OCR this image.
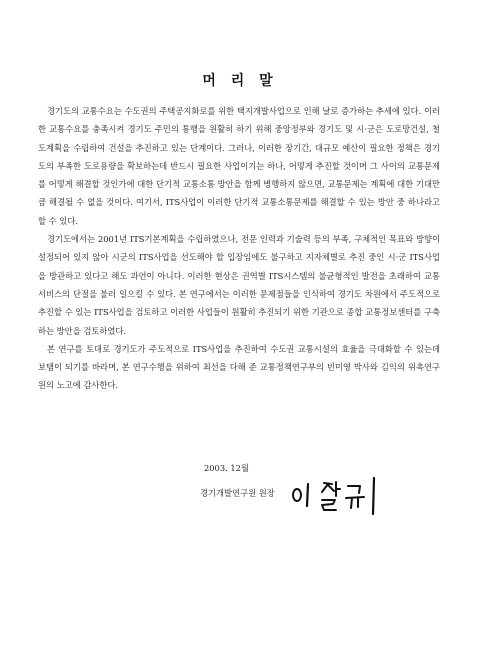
머 리 말

경기도의 교통수요는 수도권의 주택공지화로를 위한 택지개발사업으로 인해 날로 증가하는 추세에 있다. 이러한 교통수요를 충족시켜 경기도 주민의 통행을 원활히 하기 위해 중앙정부와 경기도 및 시·군은 도로망건설, 철도계획을 수립하여 건설을 추진하고 있는 단계이다. 그러나, 이러한 장기간, 대규모 예산이 필요한 정책은 경기도의 부족한 도로용량을 확보하는데 반드시 필요한 사업이기는 하나, 어떻게 추진할 것이며 그 사이의 교통문제를 어떻게 해결할 것인가에 대한 단기적 교통소통 방안을 함께 병행하지 않으면, 교통문제는 계획에 대한 기대만큼 해결될 수 없을 것이다. 여기서, ITS사업이 이러한 단기적 교통소통문제를 해결할 수 있는 방안 중 하나라고 할 수 있다.

경기도에서는 2001년 ITS기본계획을 수립하였으나, 전문 인력과 기술력 등의 부족, 구체적인 목표와 방향이 설정되어 있지 않아 시군의 ITS사업을 선도해야 할 입장임에도 불구하고 지자체별로 추진 중인 시·군 ITS사업을 방관하고 있다고 해도 과언이 아니다. 이러한 현상은 권역별 ITS시스템의 불균형적인 발전을 초래하여 교통서비스의 단절을 불러 일으킬 수 있다. 본 연구에서는 이러한 문제점들을 인식하여 경기도 차원에서 주도적으로 추진할 수 있는 ITS사업을 검토하고 이러한 사업들이 원활히 추진되기 위한 기관으로 종합 교통정보센터를 구축하는 방안을 검토하였다.

본 연구를 토대로 경기도가 주도적으로 ITS사업을 추진하여 수도권 교통시설의 효율을 극대화할 수 있는데 보탬이 되기를 바라며, 본 연구수행을 위하여 최선을 다해 준 교통정책연구부의 빈미영 박사와 김익의 위촉연구원의 노고에 감사한다.

2003. 12월
경기개발연구원 원장
